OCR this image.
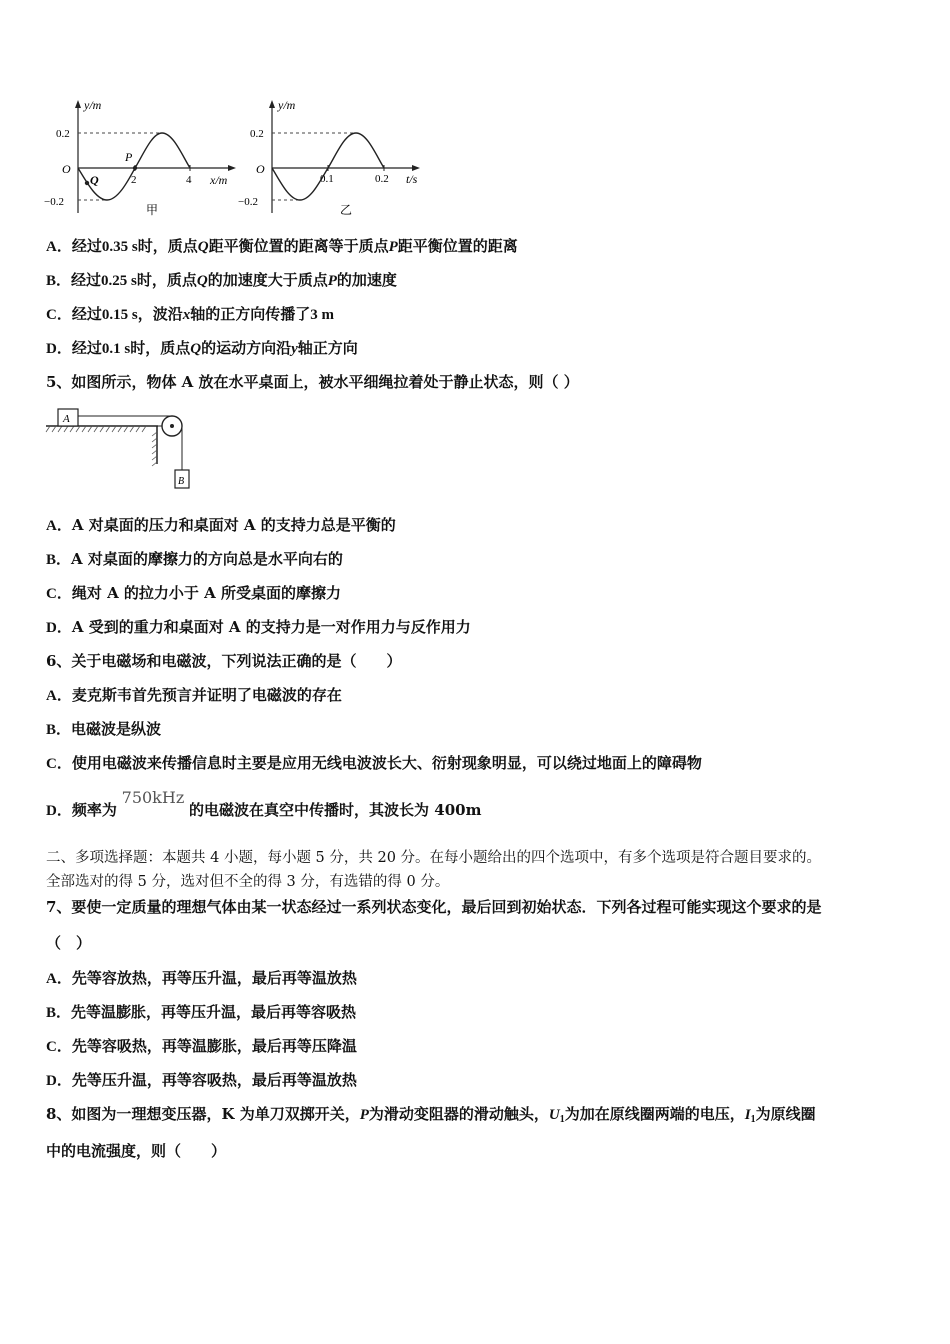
y/m
x/m
O
0.2
−0.2
2	4
P
Q
甲
y/m
t/s
O
0.2
−0.2
0.1	0.2
乙
A．经过0.35 s时，质点Q距平衡位置的距离等于质点P距平衡位置的距离
B．经过0.25 s时，质点Q的加速度大于质点P的加速度
C．经过0.15 s，波沿x轴的正方向传播了3 m
D．经过0.1 s时，质点Q的运动方向沿y轴正方向
5、如图所示，物体 A 放在水平桌面上，被水平细绳拉着处于静止状态，则（ ）
A
B
A．A 对桌面的压力和桌面对 A 的支持力总是平衡的
B．A 对桌面的摩擦力的方向总是水平向右的
C．绳对 A 的拉力小于 A 所受桌面的摩擦力
D．A 受到的重力和桌面对 A 的支持力是一对作用力与反作用力
6、关于电磁场和电磁波，下列说法正确的是（　　）
A．麦克斯韦首先预言并证明了电磁波的存在
B．电磁波是纵波
C．使用电磁波来传播信息时主要是应用无线电波波长大、衍射现象明显，可以绕过地面上的障碍物
D．频率为 750kHz 的电磁波在真空中传播时，其波长为 400m
二、多项选择题：本题共 4 小题，每小题 5 分，共 20 分。在每小题给出的四个选项中，有多个选项是符合题目要求的。
全部选对的得 5 分，选对但不全的得 3 分，有选错的得 0 分。
7、要使一定质量的理想气体由某一状态经过一系列状态变化，最后回到初始状态．下列各过程可能实现这个要求的是
（　）
A．先等容放热，再等压升温，最后再等温放热
B．先等温膨胀，再等压升温，最后再等容吸热
C．先等容吸热，再等温膨胀，最后再等压降温
D．先等压升温，再等容吸热，最后再等温放热
8、如图为一理想变压器，K 为单刀双掷开关，P为滑动变阻器的滑动触头，$U_1$为加在原线圈两端的电压，$I_1$为原线圈
中的电流强度，则（　　）
